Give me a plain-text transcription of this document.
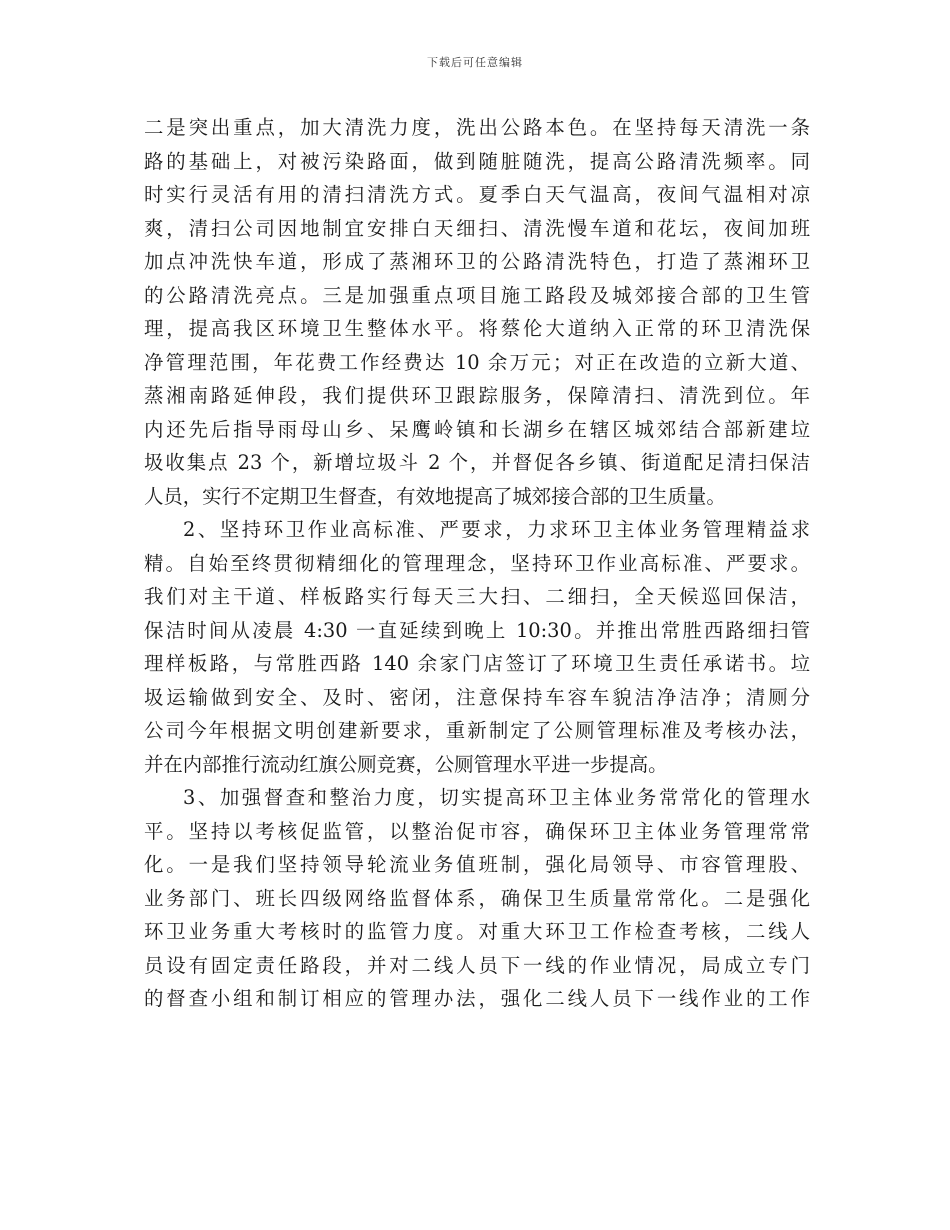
下载后可任意编辑
二是突出重点，加大清洗力度，洗出公路本色。在坚持每天清洗一条
路的基础上，对被污染路面，做到随脏随洗，提高公路清洗频率。同
时实行灵活有用的清扫清洗方式。夏季白天气温高，夜间气温相对凉
爽，清扫公司因地制宜安排白天细扫、清洗慢车道和花坛，夜间加班
加点冲洗快车道，形成了蒸湘环卫的公路清洗特色，打造了蒸湘环卫
的公路清洗亮点。三是加强重点项目施工路段及城郊接合部的卫生管
理，提高我区环境卫生整体水平。将蔡伦大道纳入正常的环卫清洗保
净管理范围，年花费工作经费达 10 余万元；对正在改造的立新大道、
蒸湘南路延伸段，我们提供环卫跟踪服务，保障清扫、清洗到位。年
内还先后指导雨母山乡、呆鹰岭镇和长湖乡在辖区城郊结合部新建垃
圾收集点 23 个，新增垃圾斗 2 个，并督促各乡镇、街道配足清扫保洁
人员，实行不定期卫生督查，有效地提高了城郊接合部的卫生质量。
2、坚持环卫作业高标准、严要求，力求环卫主体业务管理精益求
精。自始至终贯彻精细化的管理理念，坚持环卫作业高标准、严要求。
我们对主干道、样板路实行每天三大扫、二细扫，全天候巡回保洁，
保洁时间从凌晨 4:30 一直延续到晚上 10:30。并推出常胜西路细扫管
理样板路，与常胜西路 140 余家门店签订了环境卫生责任承诺书。垃
圾运输做到安全、及时、密闭，注意保持车容车貌洁净洁净；清厕分
公司今年根据文明创建新要求，重新制定了公厕管理标准及考核办法，
并在内部推行流动红旗公厕竞赛，公厕管理水平进一步提高。
3、加强督查和整治力度，切实提高环卫主体业务常常化的管理水
平。坚持以考核促监管，以整治促市容，确保环卫主体业务管理常常
化。一是我们坚持领导轮流业务值班制，强化局领导、市容管理股、
业务部门、班长四级网络监督体系，确保卫生质量常常化。二是强化
环卫业务重大考核时的监管力度。对重大环卫工作检查考核，二线人
员设有固定责任路段，并对二线人员下一线的作业情况，局成立专门
的督查小组和制订相应的管理办法，强化二线人员下一线作业的工作
